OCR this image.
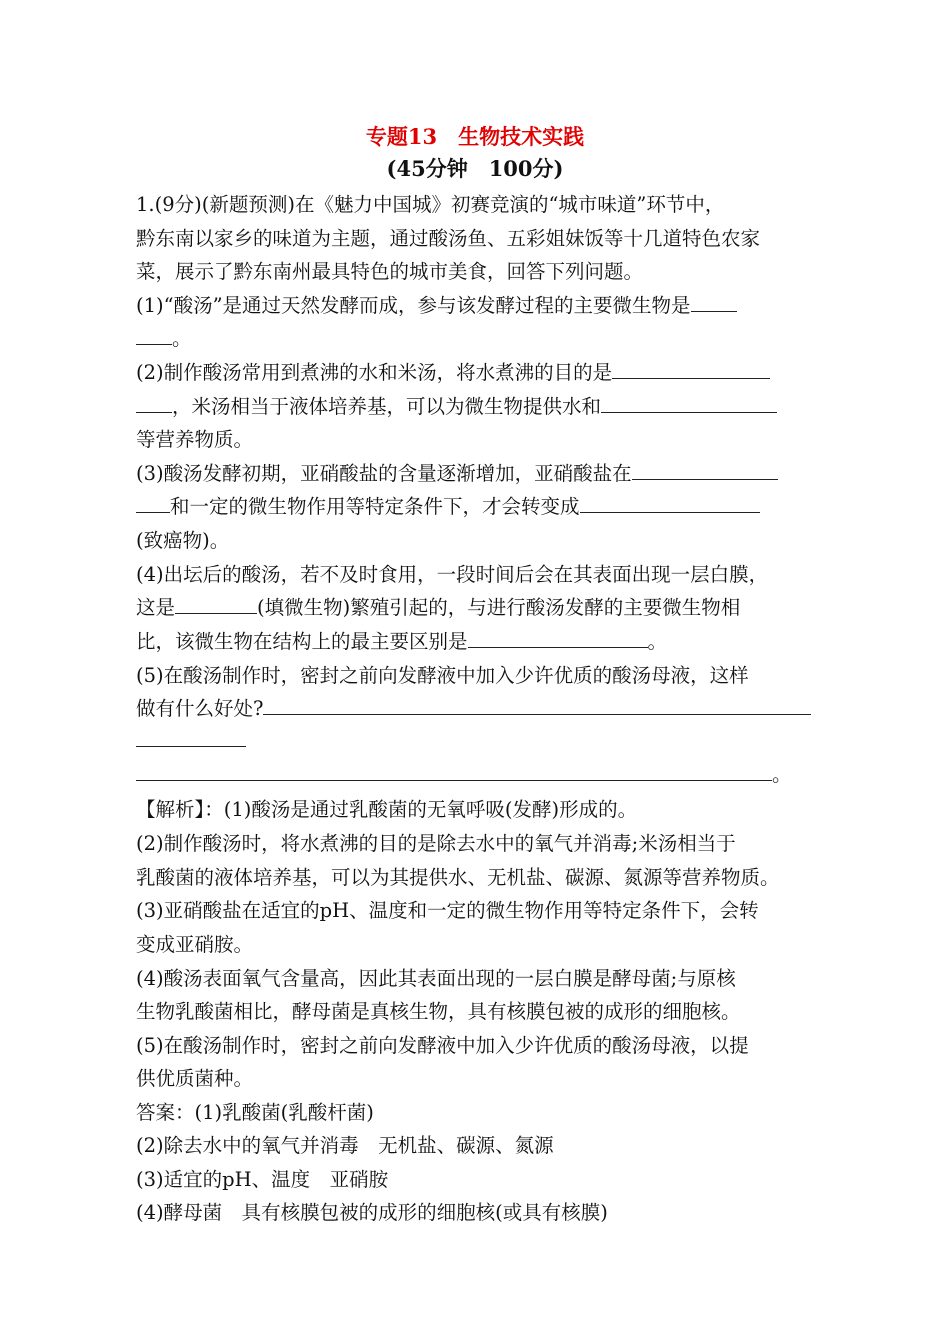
专题13　生物技术实践
(45分钟　100分)
1.(9分)(新题预测)在《魅力中国城》初赛竞演的“城市味道”环节中，
黔东南以家乡的味道为主题，通过酸汤鱼、五彩姐妹饭等十几道特色农家
菜，展示了黔东南州最具特色的城市美食，回答下列问题。
(1)“酸汤”是通过天然发酵而成，参与该发酵过程的主要微生物是
。
(2)制作酸汤常用到煮沸的水和米汤，将水煮沸的目的是
，米汤相当于液体培养基，可以为微生物提供水和
等营养物质。
(3)酸汤发酵初期，亚硝酸盐的含量逐渐增加，亚硝酸盐在
和一定的微生物作用等特定条件下，才会转变成
(致癌物)。
(4)出坛后的酸汤，若不及时食用，一段时间后会在其表面出现一层白膜，
这是	(填微生物)繁殖引起的，与进行酸汤发酵的主要微生物相
比，该微生物在结构上的最主要区别是	。
(5)在酸汤制作时，密封之前向发酵液中加入少许优质的酸汤母液，这样
做有什么好处?
。
【解析】：(1)酸汤是通过乳酸菌的无氧呼吸(发酵)形成的。
(2)制作酸汤时，将水煮沸的目的是除去水中的氧气并消毒;米汤相当于
乳酸菌的液体培养基，可以为其提供水、无机盐、碳源、氮源等营养物质。
(3)亚硝酸盐在适宜的pH、温度和一定的微生物作用等特定条件下，会转
变成亚硝胺。
(4)酸汤表面氧气含量高，因此其表面出现的一层白膜是酵母菌;与原核
生物乳酸菌相比，酵母菌是真核生物，具有核膜包被的成形的细胞核。
(5)在酸汤制作时，密封之前向发酵液中加入少许优质的酸汤母液，以提
供优质菌种。
答案：(1)乳酸菌(乳酸杆菌)
(2)除去水中的氧气并消毒　无机盐、碳源、氮源
(3)适宜的pH、温度　亚硝胺
(4)酵母菌　具有核膜包被的成形的细胞核(或具有核膜)
